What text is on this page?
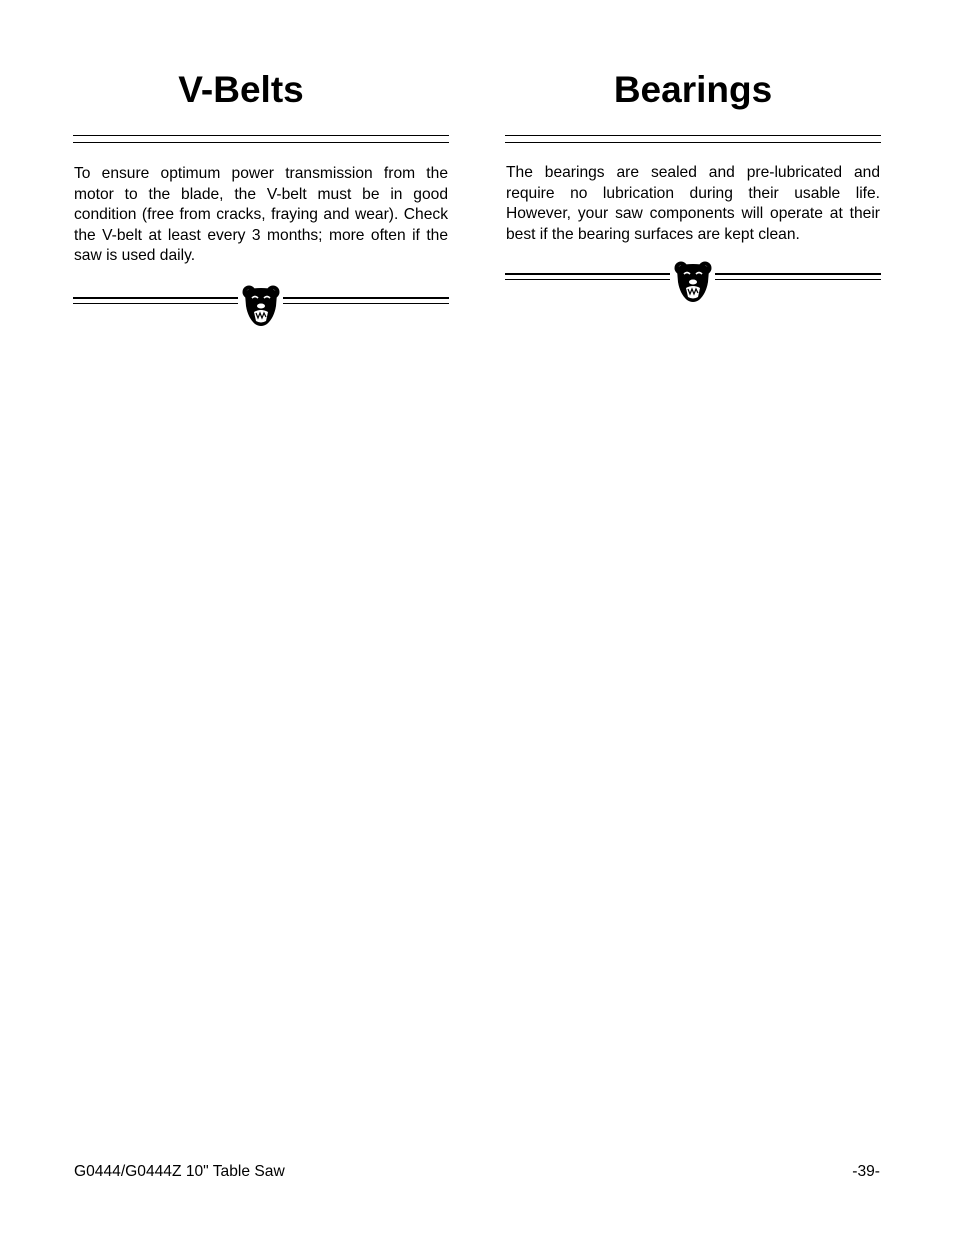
V-Belts

To ensure optimum power transmission from the motor to the blade, the V-belt must be in good condition (free from cracks, fraying and wear). Check the V-belt at least every 3 months; more often if the saw is used daily.

Bearings

The bearings are sealed and pre-lubricated and require no lubrication during their usable life. However, your saw components will operate at their best if the bearing surfaces are kept clean.

G0444/G0444Z 10" Table Saw	-39-
